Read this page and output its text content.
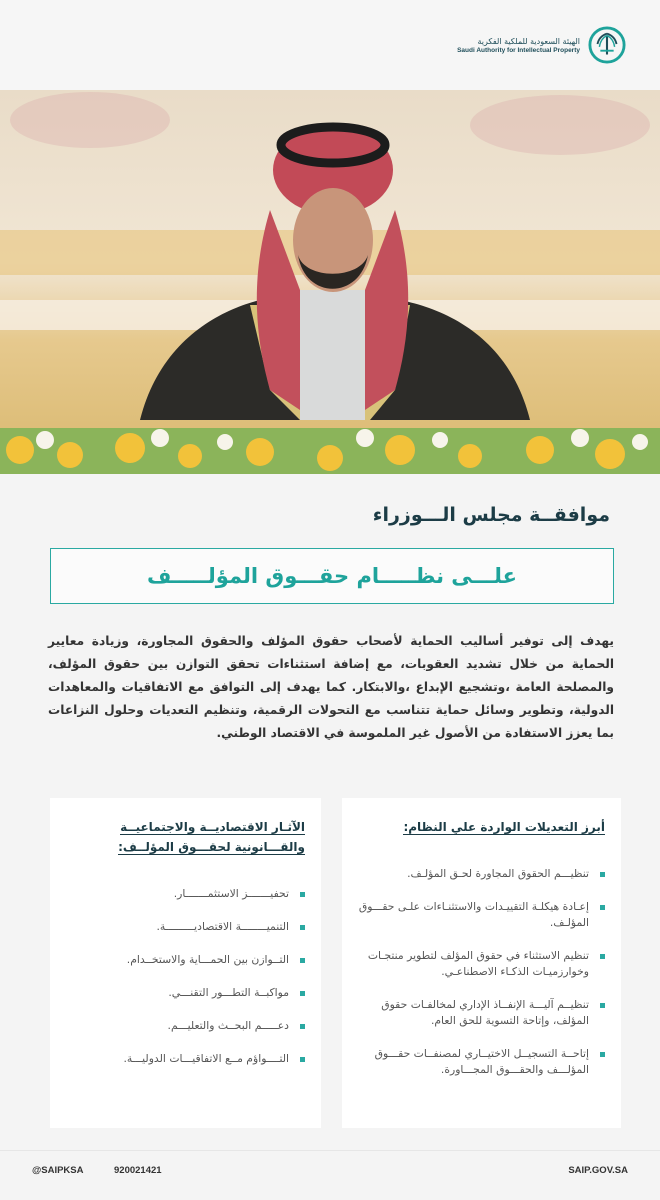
الهيئة السعودية للملكية الفكرية
Saudi Authority for Intellectual Property
موافقــة مجلس الـــوزراء
علـــى نظـــــام حقـــوق المؤلـــــف

يهدف إلى توفير أساليب الحماية لأصحاب حقوق المؤلف والحقوق المجاورة، وزيادة معايير الحماية من خلال تشديد العقوبات، مع إضافة استثناءات تحقق التوازن بين حقوق المؤلف، والمصلحة العامة ،وتشجيع الإبداع ،والابتكار. كما يهدف إلى التوافق مع الاتفاقيات والمعاهدات الدولية، وتطوير وسائل حماية تتناسب مع التحولات الرقمية، وتنظيم التعديات وحلول النزاعات بما يعزز الاستفادة من الأصول غير الملموسة في الاقتصاد الوطني.

أبرز التعديلات الواردة علي النظام:
تنظيـــم الحقوق المجاورة لحـق المؤلـف.
إعـادة هيكلـة التقييـدات والاستثنـاءات علـى حقـــوق المؤلـف.
تنظيم الاستثناء في حقوق المؤلف لتطوير منتجـات وخوارزميـات الذكـاء الاصطناعـي.
تنظيــم آليـــة الإنفــاذ الإداري لمخالفـات حقوق المؤلف، وإتاحة التسوية للحق العام.
إتاحــة التسجيــل الاختيــاري لمصنفــات حقـــوق المؤلـــف والحقـــوق المجـــاورة.
الآثـار الاقتصاديــة والاجتماعيــة والقـــانونية لحقـــوق المؤلــف:
تحفيـــــــز الاستثمـــــــار.
التنميــــــــة الاقتصاديـــــــــة.
التــوازن بين الحمـــاية والاستخــدام.
مواكبــة التطـــور التقنـــي.
دعـــــم البحــث والتعليـــم.
التــــواؤم مــع الاتفاقيـــات الدوليـــة.
@SAIPKSA	920021421	SAIP.GOV.SA
